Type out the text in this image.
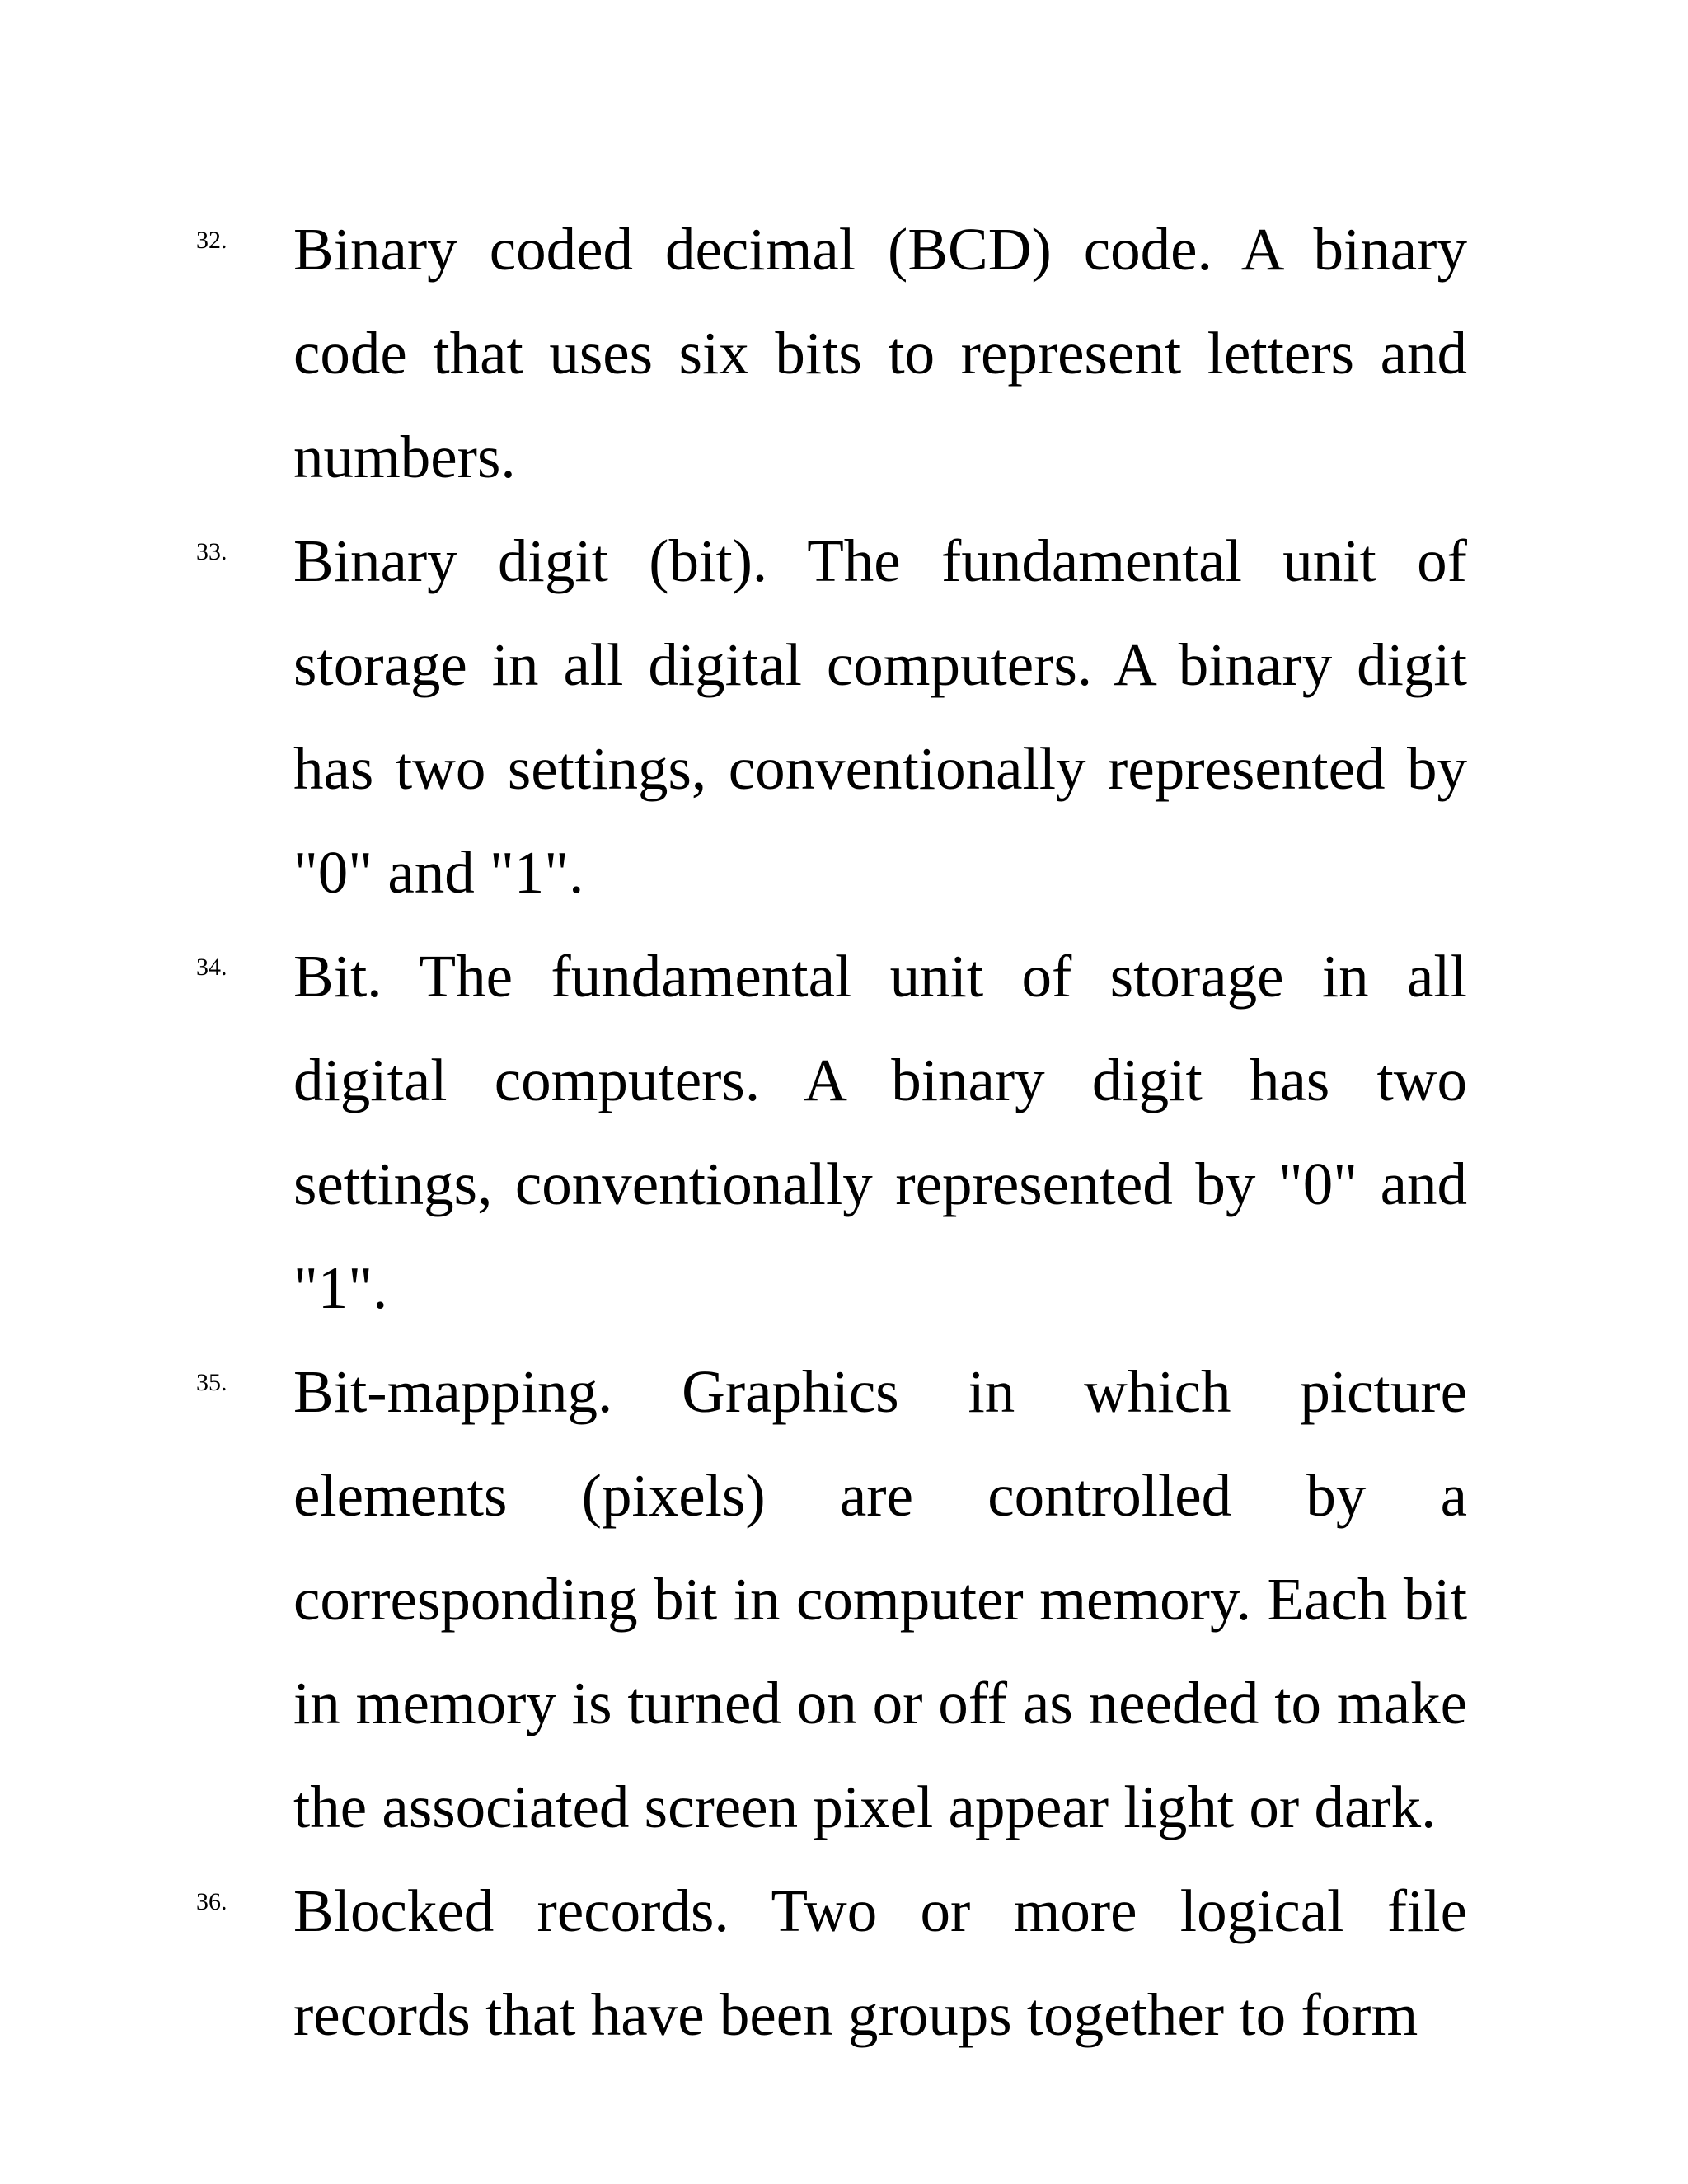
32. Binary coded decimal (BCD) code. A binary code that uses six bits to represent letters and numbers.

33. Binary digit (bit). The fundamental unit of storage in all digital computers. A binary digit has two settings, conventionally represented by "0" and "1".

34. Bit. The fundamental unit of storage in all digital computers. A binary digit has two settings, conventionally represented by "0" and "1".

35. Bit-mapping. Graphics in which picture elements (pixels) are controlled by a corresponding bit in computer memory. Each bit in memory is turned on or off as needed to make the associated screen pixel appear light or dark.

36. Blocked records. Two or more logical file records that have been groups together to form
